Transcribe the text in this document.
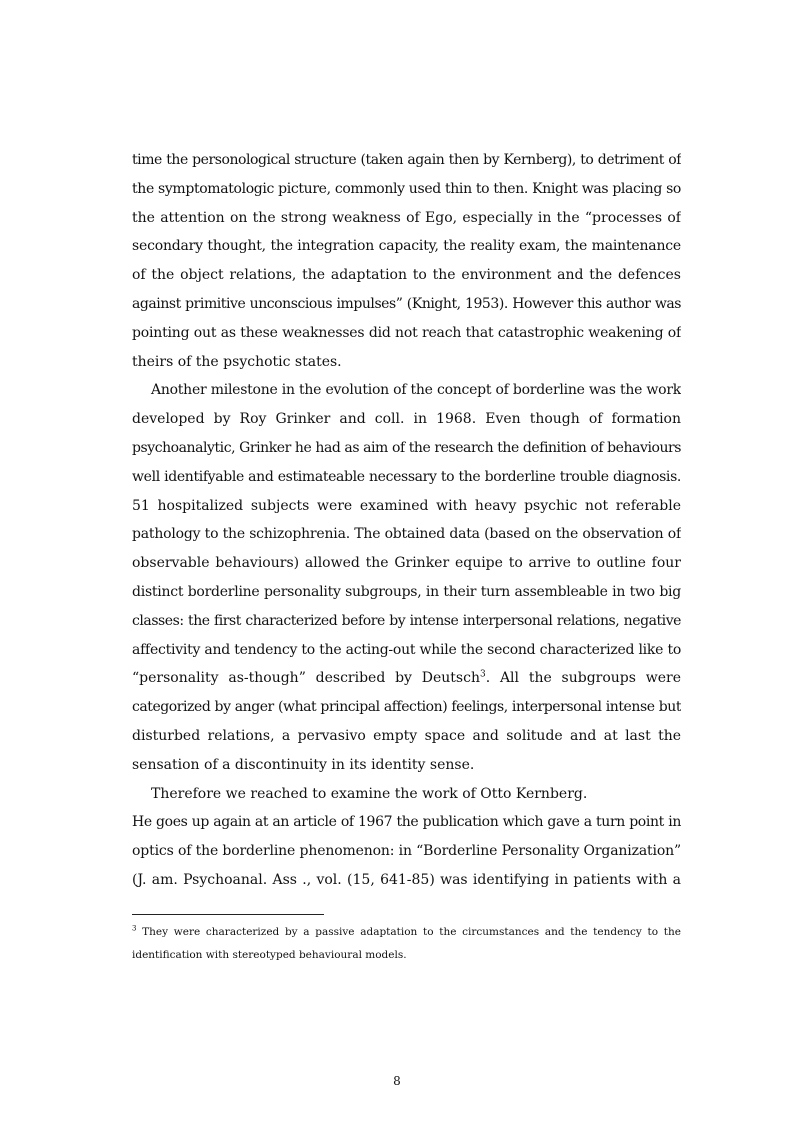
time the personological structure (taken again then by Kernberg), to detriment of
the symptomatologic picture, commonly used thin to then. Knight was placing so
the attention on the strong weakness of Ego, especially in the “processes of
secondary thought, the integration capacity, the reality exam, the maintenance
of the object relations, the adaptation to the environment and the defences
against primitive unconscious impulses” (Knight, 1953). However this author was
pointing out as these weaknesses did not reach that catastrophic weakening of
theirs of the psychotic states.
Another milestone in the evolution of the concept of borderline was the work
developed by Roy Grinker and coll. in 1968. Even though of formation
psychoanalytic, Grinker he had as aim of the research the definition of behaviours
well identifyable and estimateable necessary to the borderline trouble diagnosis.
51 hospitalized subjects were examined with heavy psychic not referable
pathology to the schizophrenia. The obtained data (based on the observation of
observable behaviours) allowed the Grinker equipe to arrive to outline four
distinct borderline personality subgroups, in their turn assembleable in two big
classes: the first characterized before by intense interpersonal relations, negative
affectivity and tendency to the acting-out while the second characterized like to
“personality as-though” described by Deutsch$^3$. All the subgroups were
categorized by anger (what principal affection) feelings, interpersonal intense but
disturbed relations, a pervasivo empty space and solitude and at last the
sensation of a discontinuity in its identity sense.
Therefore we reached to examine the work of Otto Kernberg.
He goes up again at an article of 1967 the publication which gave a turn point in
optics of the borderline phenomenon: in “Borderline Personality Organization”
(J. am. Psychoanal. Ass ., vol. (15, 641-85) was identifying in patients with a
$^3$ They were characterized by a passive adaptation to the circumstances and the tendency to the
identification with stereotyped behavioural models.
8
